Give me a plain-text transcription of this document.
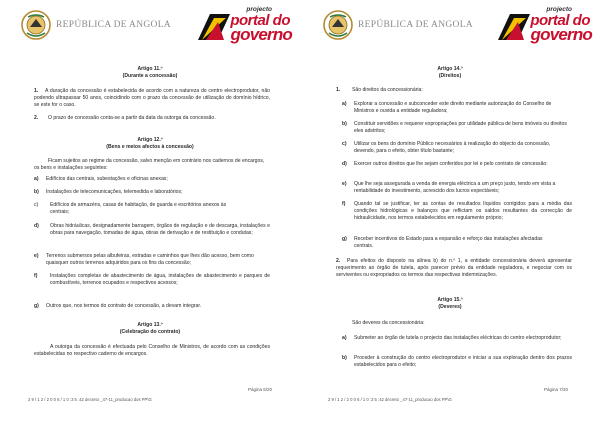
REPÚBLICA DE ANGOLA
projecto
portal do
governo
Artigo 11.º
(Durante a concessão)
1.	A duração da concessão é estabelecida de acordo com a natureza do centro electroprodutor, não podendo ultrapassar 50 anos, coincidindo com o prazo da concessão de utilização do domínio hídrico, se este for o caso.
2. O prazo de concessão conta-se a partir da data da outorga da concessão.
Artigo 12.º
(Bens e meios afectos à concessão)
Ficam sujeitos ao regime da concessão, salvo menção em contrário nos cadernos de encargos, os bens e instalações seguintes:
a) Edifícios das centrais, subestações e oficinas anexas;
b) Instalações de telecomunicações, telemedida e laboratórios;
c) Edifícios de armazéns, casas de habitação, de guarda e escritórios anexos às centrais;
d) Obras hidráulicas, designadamente barragem, órgãos de regulação e de descarga, instalações e obras para navegação, tomadas de água, obras de derivação e de restituição e condutas;
e) Terrenos submersos pelas albufeiras, estradas e caminhos que lhes dão acesso, bem como quaisquer outros terrenos adquiridos para os fins da concessão;
f) Instalações completas de abastecimento de água, instalações de abastecimento e parques de combustíveis, terrenos ocupados e respectivos acessos;
g) Outros que, nos termos do contrato de concessão, a devam integrar.
Artigo 13.º
(Celebração do contrato)
A outorga da concessão é efectuada pelo Conselho de Ministros, de acordo com as condições estabelecidas no respectivo caderno de encargos.
Página 6/20
2 9 / 1 2 / 2 0 0 6 / 1 0 :3 5 :42 decreto _47-11_producao dos PP\G
REPÚBLICA DE ANGOLA
projecto
portal do
governo
Artigo 14.º
(Direitos)
1. São direitos da concessionária:
a) Explorar a concessão e subconceder este direito mediante autorização do Conselho de Ministros e ouvida a entidade reguladora;
b) Constituir servidões e requerer expropriações por utilidade pública de bens imóveis ou direitos eles adstritos;
c) Utilizar os bens do domínio Público necessários à realização do objecto da concessão, devendo, para o efeito, obter título bastante;
d) Exercer outros direitos que lhe sejam conferidos por lei e pelo contrato de concessão:
e) Que lhe seja assegurada a venda de energia eléctrica a um preço justo, tendo em vista a rentabilidade do investimento, acrescido dos lucros expectáveis;
f) Quando tal se justificar, ter as contas de resultados líquidos corrigidos para a média das condições hidrológicas e balanços que reflictam os saldos resultantes da correcção de hidraulicidade, nos termos estabelecidos em regulamento próprio;
g) Receber incentivos do Estado para a expansão e reforço das instalações afectadas centrais.
2.	Para efeitos do disposto na alínea b) do n.º 1, a entidade concessionária deverá apresentar requerimento ao órgão de tutela, após parecer prévio da entidade reguladora, e negociar com os serviventes ou expropriados os termos das respectivas indemnizações.
Artigo 15.º
(Deveres)
São deveres da concessionária:
a) Submeter ao órgão de tutela o projecto das instalações eléctricas do centro electroprodutor;
b) Proceder à construção do centro electroprodutor e iniciar a sua exploração dentro dos prazos estabelecidos para o efeito;
Página 7/20
2 9 / 1 2 / 2 0 0 6 / 1 0 :3 5 :42 decreto _47-11_producao dos PP\G
